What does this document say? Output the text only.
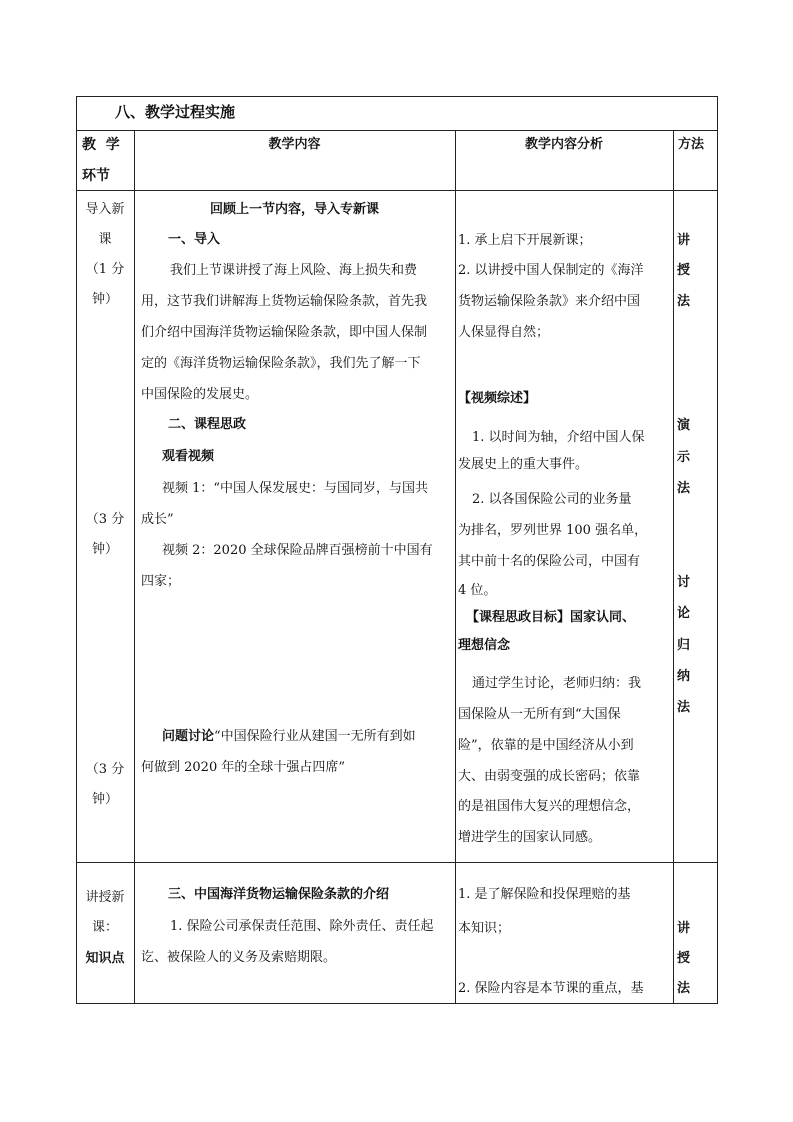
八、教学过程实施
教  学
环节
教学内容	教学内容分析	方法
导入新
课
（1 分
钟）
（3 分
钟）
（3 分
钟）
讲授新
课：
知识点
回顾上一节内容，导入专新课
一、导入
我们上节课讲授了海上风险、海上损失和费
用，这节我们讲解海上货物运输保险条款，首先我
们介绍中国海洋货物运输保险条款，即中国人保制
定的《海洋货物运输保险条款》，我们先了解一下
中国保险的发展史。
二、课程思政
观看视频
视频 1：“中国人保发展史：与国同岁，与国共
成长”
视频 2：2020 全球保险品牌百强榜前十中国有
四家；
问题讨论“中国保险行业从建国一无所有到如
何做到 2020 年的全球十强占四席”
三、中国海洋货物运输保险条款的介绍
1. 保险公司承保责任范围、除外责任、责任起
讫、被保险人的义务及索赔期限。
1. 承上启下开展新课；
2. 以讲授中国人保制定的《海洋
货物运输保险条款》来介绍中国
人保显得自然；
【视频综述】
1. 以时间为轴，介绍中国人保
发展史上的重大事件。
2. 以各国保险公司的业务量
为排名，罗列世界 100 强名单，
其中前十名的保险公司，中国有
4 位。
【课程思政目标】国家认同、
理想信念
通过学生讨论，老师归纳：我
国保险从一无所有到“大国保
险”，依靠的是中国经济从小到
大、由弱变强的成长密码；依靠
的是祖国伟大复兴的理想信念，
增进学生的国家认同感。
1. 是了解保险和投保理赔的基
本知识；
2. 保险内容是本节课的重点，基
讲
授
法
演
示
法
讨
论
归
纳
法
讲
授
法
